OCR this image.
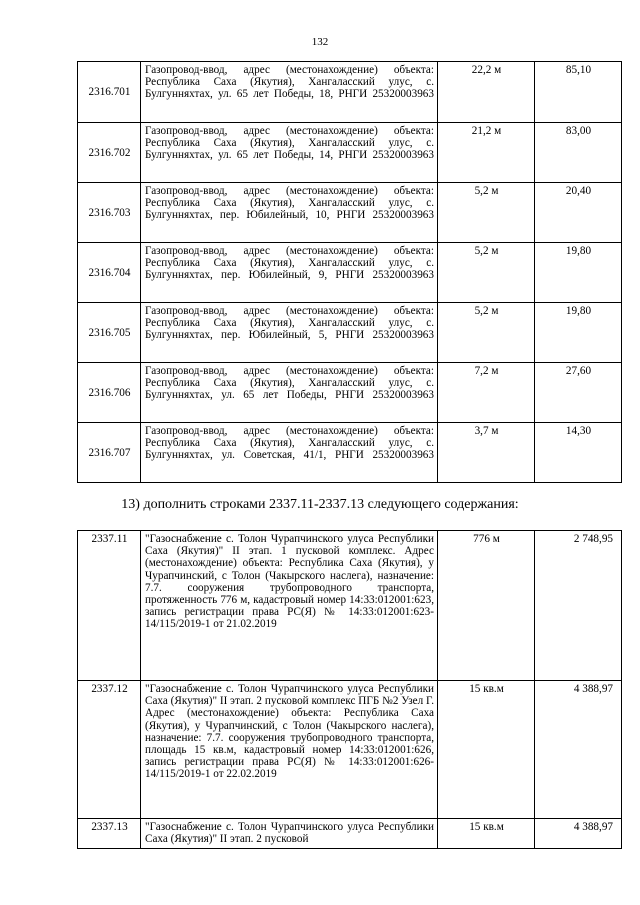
132
2316.701	Газопровод-ввод, адрес (местонахождение) объекта: Республика Саха (Якутия), Хангаласский улус, с. Булгунняхтах, ул. 65 лет Победы, 18, РНГИ 25320003963	22,2 м	85,10
2316.702	Газопровод-ввод, адрес (местонахождение) объекта: Республика Саха (Якутия), Хангаласский улус, с. Булгунняхтах, ул. 65 лет Победы, 14, РНГИ 25320003963	21,2 м	83,00
2316.703	Газопровод-ввод, адрес (местонахождение) объекта: Республика Саха (Якутия), Хангаласский улус, с. Булгунняхтах, пер. Юбилейный, 10, РНГИ 25320003963	5,2 м	20,40
2316.704	Газопровод-ввод, адрес (местонахождение) объекта: Республика Саха (Якутия), Хангаласский улус, с. Булгунняхтах, пер. Юбилейный, 9, РНГИ 25320003963	5,2 м	19,80
2316.705	Газопровод-ввод, адрес (местонахождение) объекта: Республика Саха (Якутия), Хангаласский улус, с. Булгунняхтах, пер. Юбилейный, 5, РНГИ 25320003963	5,2 м	19,80
2316.706	Газопровод-ввод, адрес (местонахождение) объекта: Республика Саха (Якутия), Хангаласский улус, с. Булгунняхтах, ул. 65 лет Победы, РНГИ 25320003963	7,2 м	27,60
2316.707	Газопровод-ввод, адрес (местонахождение) объекта: Республика Саха (Якутия), Хангаласский улус, с. Булгунняхтах, ул. Советская, 41/1, РНГИ 25320003963	3,7 м	14,30
13) дополнить строками 2337.11-2337.13 следующего содержания:
2337.11	"Газоснабжение с. Толон Чурапчинского улуса Республики Саха (Якутия)" II этап. 1 пусковой комплекс. Адрес (местонахождение) объекта: Республика Саха (Якутия), у Чурапчинский, с Толон (Чакырского наслега), назначение: 7.7. сооружения трубопроводного транспорта, протяженность 776 м, кадастровый номер 14:33:012001:623, запись регистрации права РС(Я) № 14:33:012001:623-14/115/2019-1 от 21.02.2019	776 м	2 748,95
2337.12	"Газоснабжение с. Толон Чурапчинского улуса Республики Саха (Якутия)" II этап. 2 пусковой комплекс ПГБ №2 Узел Г. Адрес (местонахождение) объекта: Республика Саха (Якутия), у Чурапчинский, с Толон (Чакырского наслега), назначение: 7.7. сооружения трубопроводного транспорта, площадь 15 кв.м, кадастровый номер 14:33:012001:626, запись регистрации права РС(Я) № 14:33:012001:626-14/115/2019-1 от 22.02.2019	15 кв.м	4 388,97
2337.13	"Газоснабжение с. Толон Чурапчинского улуса Республики Саха (Якутия)" II этап. 2 пусковой	15 кв.м	4 388,97
